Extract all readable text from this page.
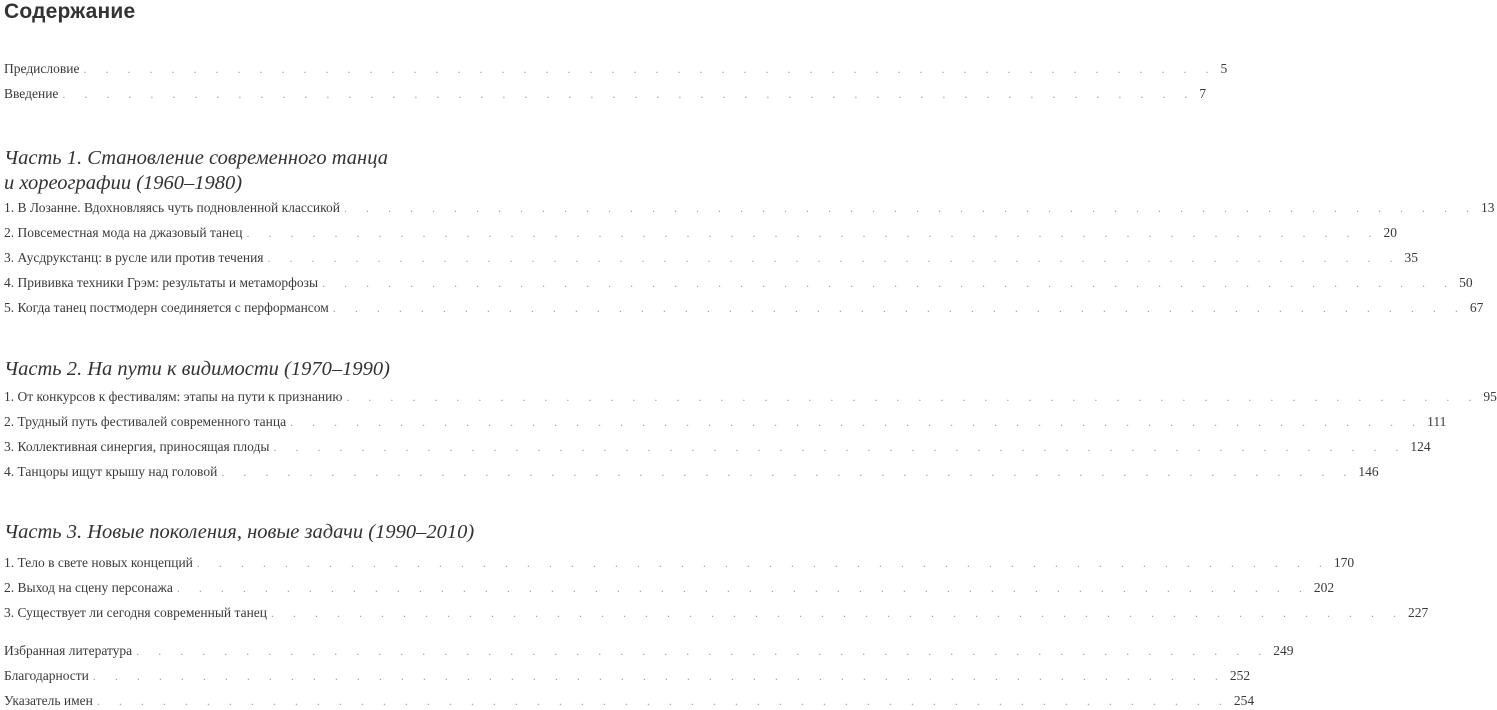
Содержание
Предисловие . . . . . . . . . . . . . . . . . . . . . . . . . . . . . . . . . . . . . . . . . . . . . . . . . . . . 5
Введение . . . . . . . . . . . . . . . . . . . . . . . . . . . . . . . . . . . . . . . . . . . . . . . . . . . . 7
Часть 1. Становление современного танца
и хореографии (1960–1980)
1. В Лозанне. Вдохновляясь чуть подновленной классикой . . . . . . . . . . . . . . . . . . . . . . . . . . . . . . . . . . . . . . . . . . . . . . . . . . . . 13
2. Повсеместная мода на джазовый танец . . . . . . . . . . . . . . . . . . . . . . . . . . . . . . . . . . . . . . . . . . . . . . . . . . . . 20
3. Аусдрукстанц: в русле или против течения . . . . . . . . . . . . . . . . . . . . . . . . . . . . . . . . . . . . . . . . . . . . . . . . . . . . 35
4. Прививка техники Грэм: результаты и метаморфозы . . . . . . . . . . . . . . . . . . . . . . . . . . . . . . . . . . . . . . . . . . . . . . . . . . . . 50
5. Когда танец постмодерн соединяется с перформансом . . . . . . . . . . . . . . . . . . . . . . . . . . . . . . . . . . . . . . . . . . . . . . . . . . . . 67
Часть 2. На пути к видимости (1970–1990)
1. От конкурсов к фестивалям: этапы на пути к признанию . . . . . . . . . . . . . . . . . . . . . . . . . . . . . . . . . . . . . . . . . . . . . . . . . . . . 95
2. Трудный путь фестивалей современного танца . . . . . . . . . . . . . . . . . . . . . . . . . . . . . . . . . . . . . . . . . . . . . . . . . . . . 111
3. Коллективная синергия, приносящая плоды . . . . . . . . . . . . . . . . . . . . . . . . . . . . . . . . . . . . . . . . . . . . . . . . . . . . 124
4. Танцоры ищут крышу над головой . . . . . . . . . . . . . . . . . . . . . . . . . . . . . . . . . . . . . . . . . . . . . . . . . . . . 146
Часть 3. Новые поколения, новые задачи (1990–2010)
1. Тело в свете новых концепций . . . . . . . . . . . . . . . . . . . . . . . . . . . . . . . . . . . . . . . . . . . . . . . . . . . . 170
2. Выход на сцену персонажа . . . . . . . . . . . . . . . . . . . . . . . . . . . . . . . . . . . . . . . . . . . . . . . . . . . . 202
3. Существует ли сегодня современный танец . . . . . . . . . . . . . . . . . . . . . . . . . . . . . . . . . . . . . . . . . . . . . . . . . . . . 227
Избранная литература . . . . . . . . . . . . . . . . . . . . . . . . . . . . . . . . . . . . . . . . . . . . . . . . . . . . 249
Благодарности . . . . . . . . . . . . . . . . . . . . . . . . . . . . . . . . . . . . . . . . . . . . . . . . . . . . 252
Указатель имен . . . . . . . . . . . . . . . . . . . . . . . . . . . . . . . . . . . . . . . . . . . . . . . . . . . . 254
